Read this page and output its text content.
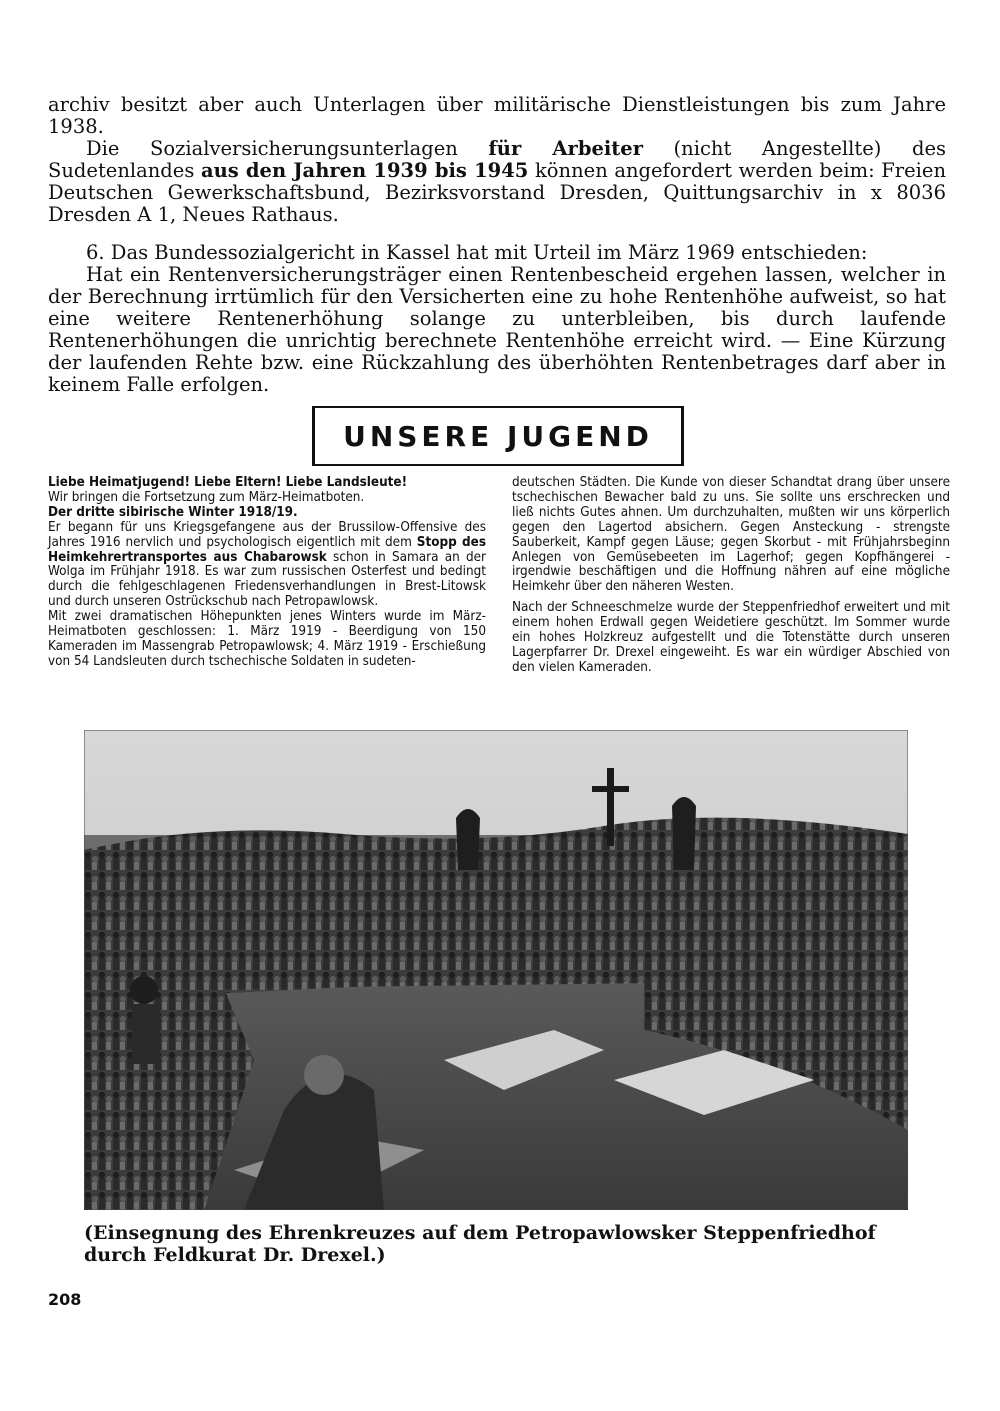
archiv besitzt aber auch Unterlagen über militärische Dienstleistungen bis zum Jahre 1938.

Die Sozialversicherungsunterlagen für Arbeiter (nicht Angestellte) des Sudetenlandes aus den Jahren 1939 bis 1945 können angefordert werden beim: Freien Deutschen Gewerkschaftsbund, Bezirksvorstand Dresden, Quittungsarchiv in x 8036 Dresden A 1, Neues Rathaus.

6. Das Bundessozialgericht in Kassel hat mit Urteil im März 1969 entschieden:

Hat ein Rentenversicherungsträger einen Rentenbescheid ergehen lassen, welcher in der Berechnung irrtümlich für den Versicherten eine zu hohe Rentenhöhe aufweist, so hat eine weitere Rentenerhöhung solange zu unterbleiben, bis durch laufende Rentenerhöhungen die unrichtig berechnete Rentenhöhe erreicht wird. — Eine Kürzung der laufenden Rehte bzw. eine Rückzahlung des überhöhten Rentenbetrages darf aber in keinem Falle erfolgen.

UNSERE JUGEND

Liebe Heimatjugend! Liebe Eltern! Liebe Landsleute!

Wir bringen die Fortsetzung zum März-Heimatboten.

Der dritte sibirische Winter 1918/19.

Er begann für uns Kriegsgefangene aus der Brussilow-Offensive des Jahres 1916 nervlich und psychologisch eigentlich mit dem Stopp des Heimkehrertransportes aus Chabarowsk schon in Samara an der Wolga im Frühjahr 1918. Es war zum russischen Osterfest und bedingt durch die fehlgeschlagenen Friedensverhandlungen in Brest-Litowsk und durch unseren Ostrückschub nach Petropawlowsk.

Mit zwei dramatischen Höhepunkten jenes Winters wurde im März-Heimatboten geschlossen: 1. März 1919 - Beerdigung von 150 Kameraden im Massengrab Petropawlowsk; 4. März 1919 - Erschießung von 54 Landsleuten durch tschechische Soldaten in sudeten-

deutschen Städten. Die Kunde von dieser Schandtat drang über unsere tschechischen Bewacher bald zu uns. Sie sollte uns erschrecken und ließ nichts Gutes ahnen. Um durchzuhalten, mußten wir uns körperlich gegen den Lagertod absichern. Gegen Ansteckung - strengste Sauberkeit, Kampf gegen Läuse; gegen Skorbut - mit Frühjahrsbeginn Anlegen von Gemüsebeeten im Lagerhof; gegen Kopfhängerei - irgendwie beschäftigen und die Hoffnung nähren auf eine mögliche Heimkehr über den näheren Westen.

Nach der Schneeschmelze wurde der Steppenfriedhof erweitert und mit einem hohen Erdwall gegen Weidetiere geschützt. Im Sommer wurde ein hohes Holzkreuz aufgestellt und die Totenstätte durch unseren Lagerpfarrer Dr. Drexel eingeweiht. Es war ein würdiger Abschied von den vielen Kameraden.

(Einsegnung des Ehrenkreuzes auf dem Petropawlowsker Steppenfriedhof durch Feldkurat Dr. Drexel.)
208
